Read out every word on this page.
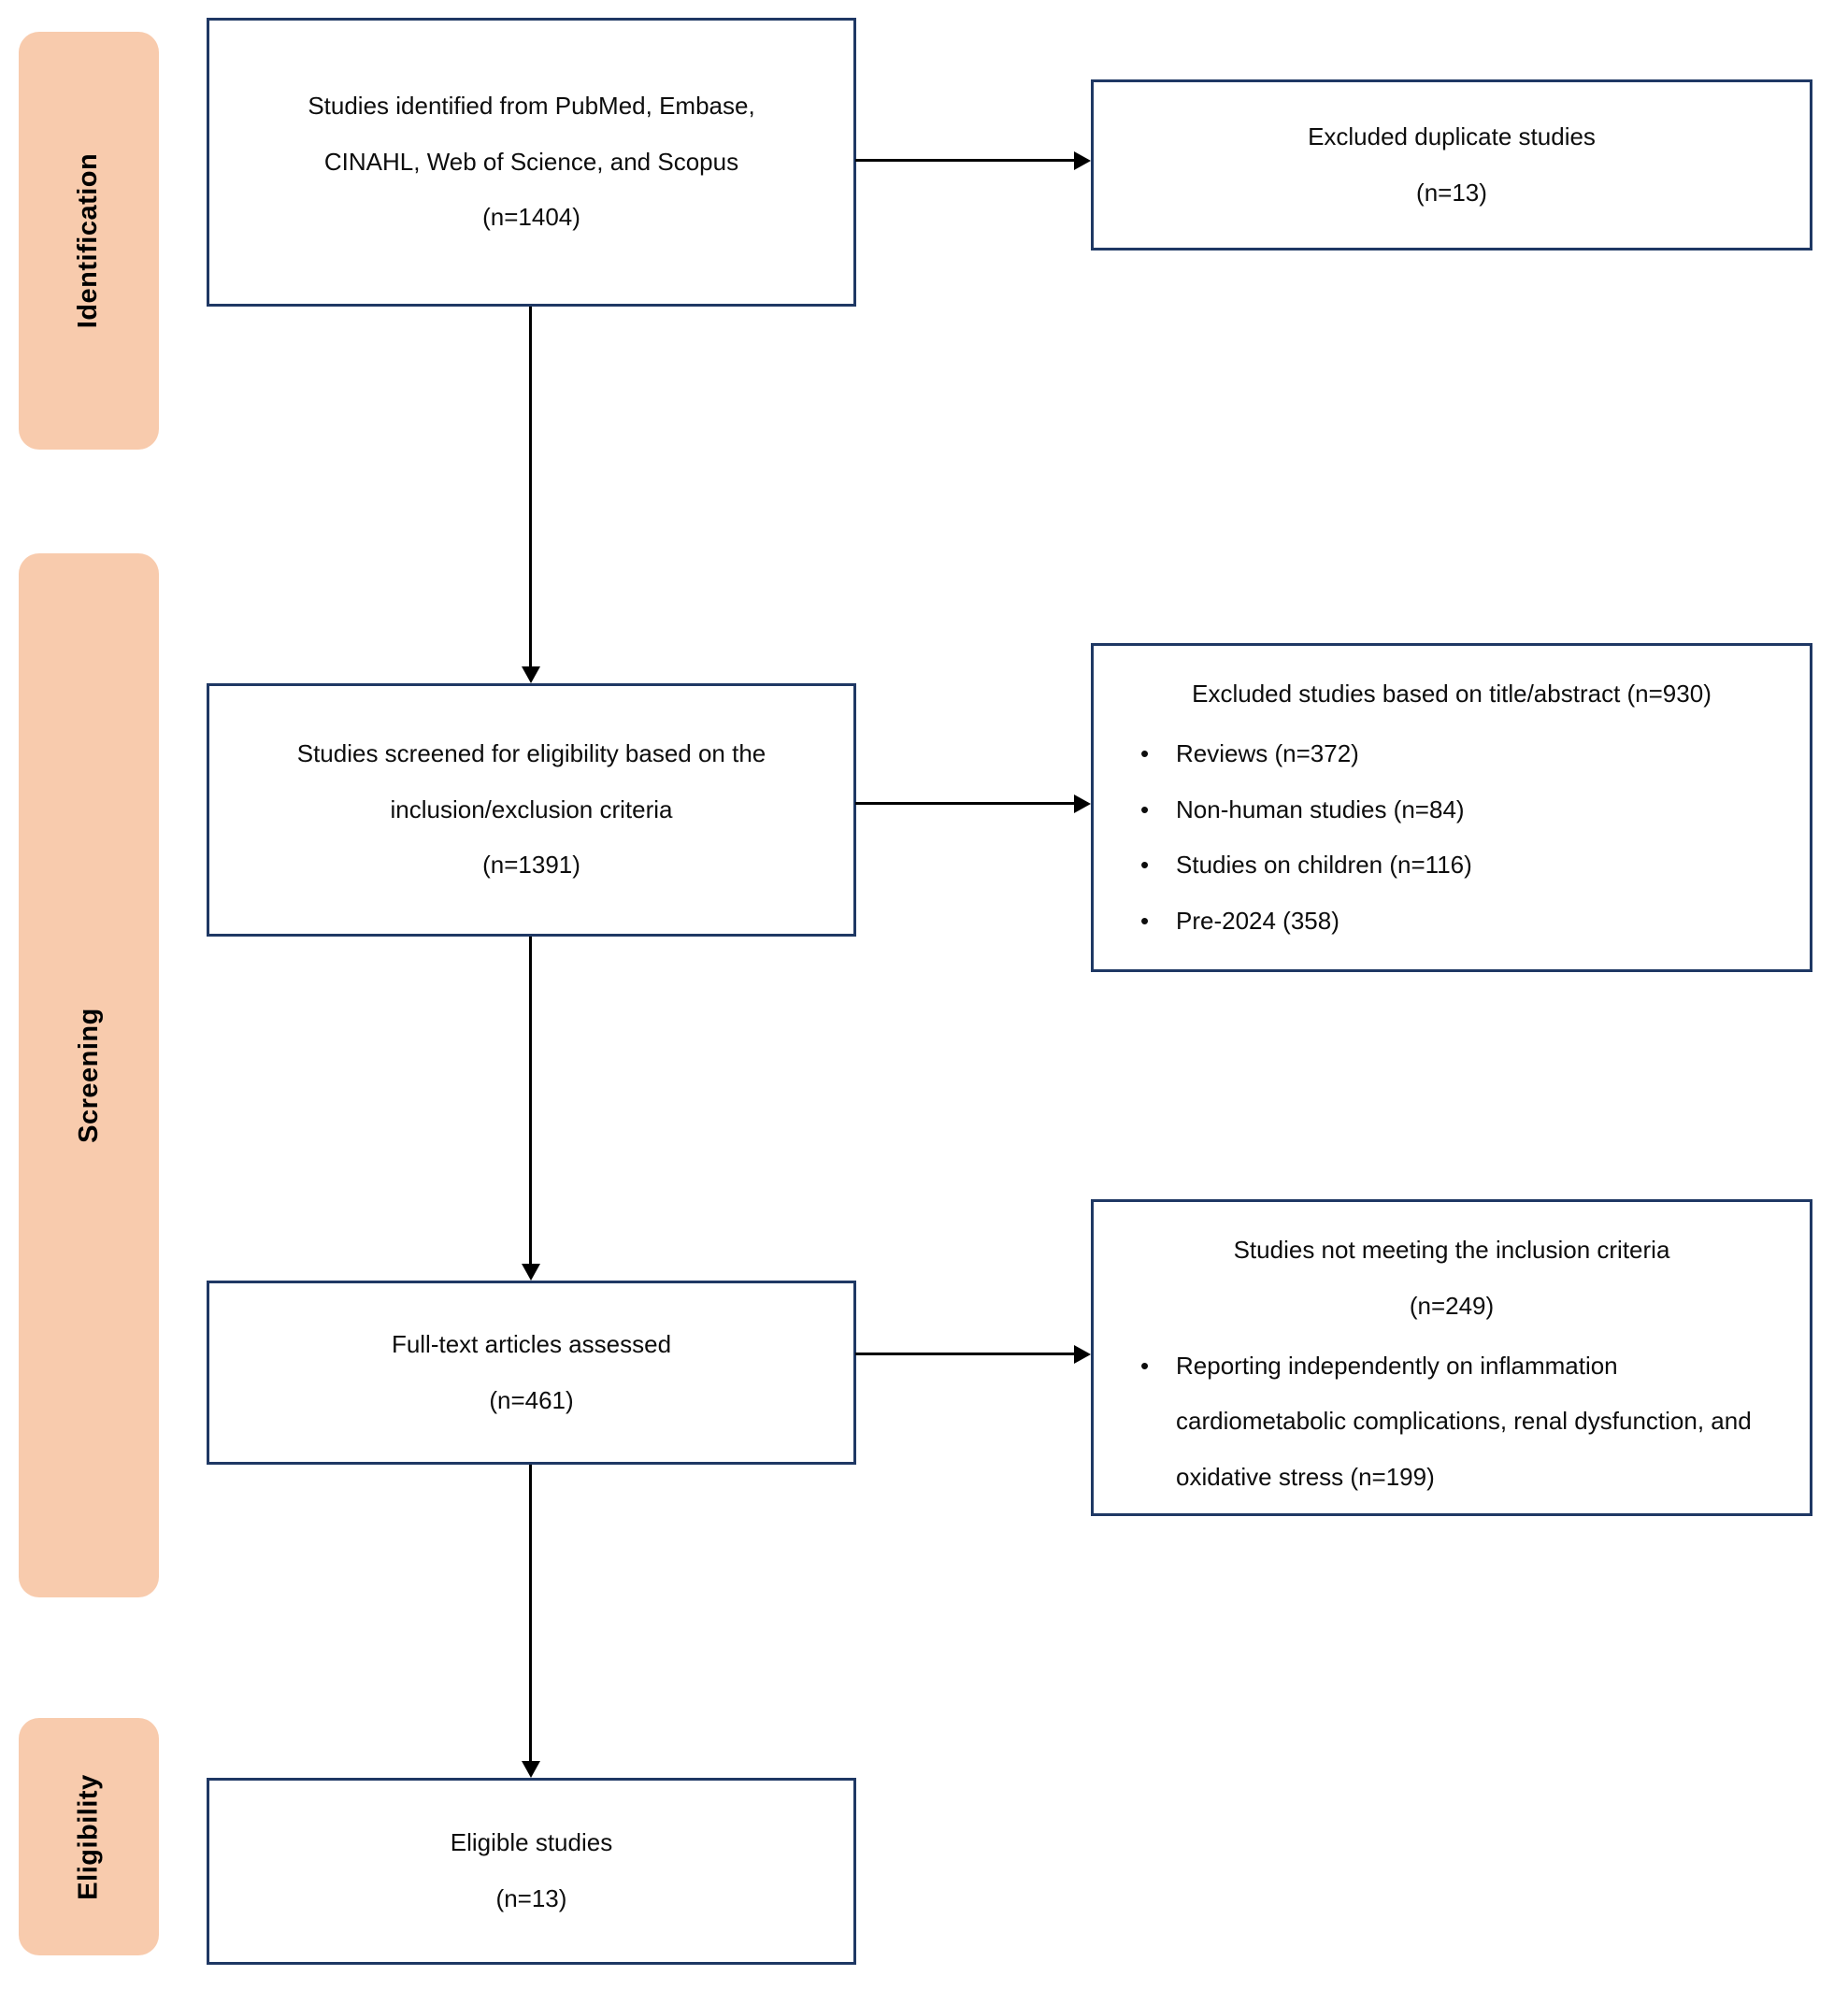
Identification
Screening
Eligibility
Studies identified from PubMed, Embase,
CINAHL, Web of Science, and Scopus
(n=1404)
Studies screened for eligibility based on the
inclusion/exclusion criteria
(n=1391)
Full-text articles assessed
(n=461)
Eligible studies
(n=13)
Excluded duplicate studies
(n=13)
Excluded studies based on title/abstract (n=930)
• Reviews (n=372)
• Non-human studies (n=84)
• Studies on children (n=116)
• Pre-2024 (358)
Studies not meeting the inclusion criteria
(n=249)
• Reporting independently on inflammation cardiometabolic complications, renal dysfunction, and oxidative stress (n=199)
